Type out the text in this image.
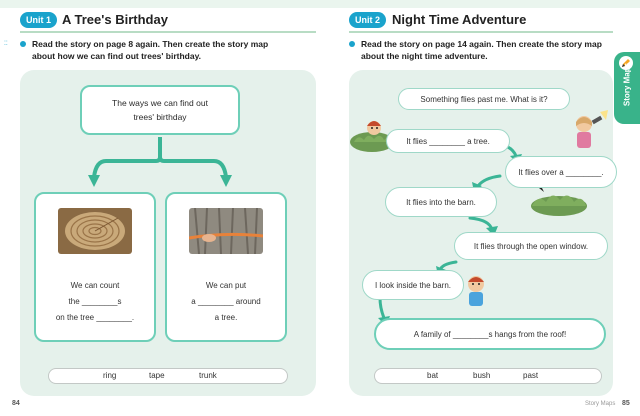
Unit 1 A Tree's Birthday
⁚⁚	Read the story on page 8 again. Then create the story map
about how we can find out trees' birthday.
Unit 2 Night Time Adventure
Read the story on page 14 again. Then create the story map
about the night time adventure.
Story Maps
The ways we can find out
trees' birthday
We can count
the ________s
on the tree ________.
We can put
a ________ around
a tree.
ring	tape	trunk
Something flies past me. What is it?
It flies ________ a tree.
It flies over a ________.
It flies into the barn.
It flies through the open window.
I look inside the barn.
A family of ________s hangs from the roof!
bat	bush	past
84	Story Maps 85
